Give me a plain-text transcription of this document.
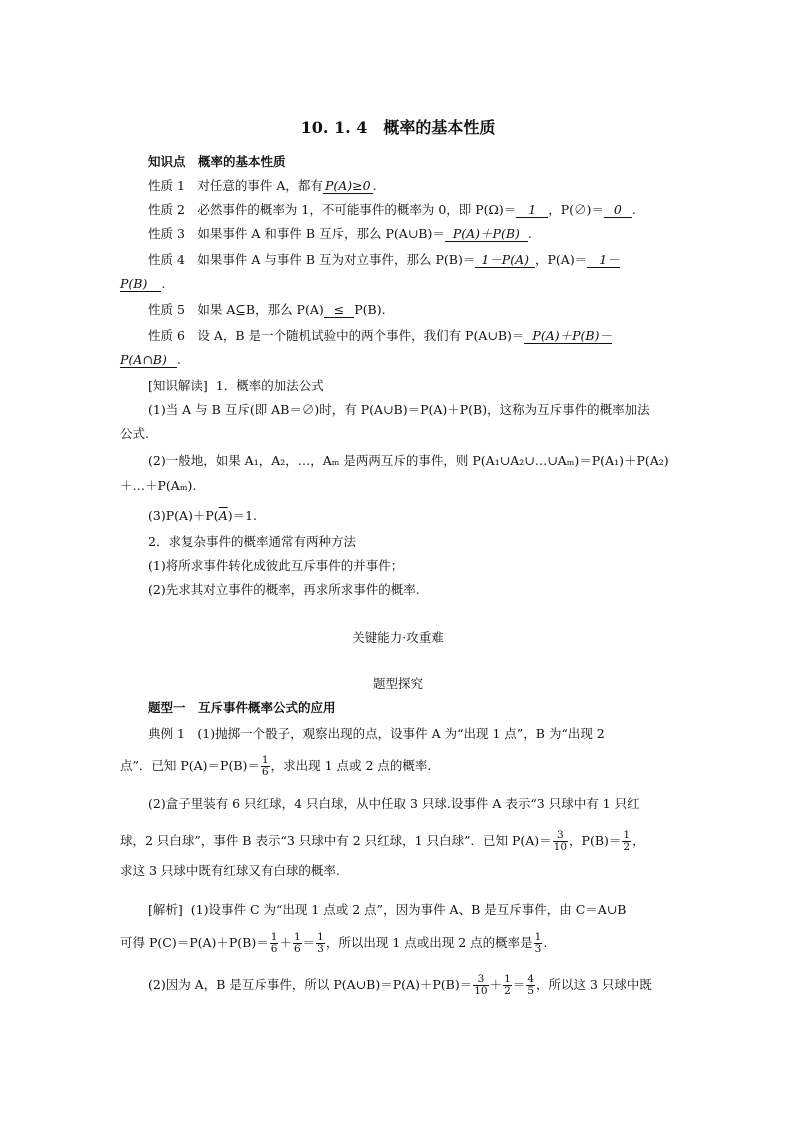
10. 1. 4　概率的基本性质
知识点　概率的基本性质
性质 1　对任意的事件 A，都有 P(A)≥0 .
性质 2　必然事件的概率为 1，不可能事件的概率为 0，即 P(Ω)＝ 1 ，P(∅)＝ 0 .
性质 3　如果事件 A 和事件 B 互斥，那么 P(A∪B)＝ P(A)＋P(B) .
性质 4　如果事件 A 与事件 B 互为对立事件，那么 P(B)＝ 1－P(A) ，P(A)＝ 1－
P(B) .
性质 5　如果 A⊆B，那么 P(A) ≤ P(B).
性质 6　设 A，B 是一个随机试验中的两个事件，我们有 P(A∪B)＝ P(A)＋P(B)－
P(A∩B) .
[知识解读] 1．概率的加法公式
(1)当 A 与 B 互斥(即 AB＝∅)时，有 P(A∪B)＝P(A)＋P(B)，这称为互斥事件的概率加法
公式.
(2)一般地，如果 A₁，A₂，…，Aₘ 是两两互斥的事件，则 P(A₁∪A₂∪…∪Aₘ)＝P(A₁)＋P(A₂)
＋…＋P(Aₘ).
$(3)P(A)+P(\overline{A})=1$.
2．求复杂事件的概率通常有两种方法
(1)将所求事件转化成彼此互斥事件的并事件；
(2)先求其对立事件的概率，再求所求事件的概率.
关键能力·攻重难
题型探究
题型一　互斥事件概率公式的应用
典例 1　(1)抛掷一个骰子，观察出现的点，设事件 A 为“出现 1 点”，B 为“出现 2
点”．已知 $P(A)=P(B)= \frac{1}{6}$ ，求出现 1 点或 2 点的概率.
(2)盒子里装有 6 只红球，4 只白球，从中任取 3 只球.设事件 A 表示“3 只球中有 1 只红
球，2 只白球”，事件 B 表示“3 只球中有 2 只红球，1 只白球”．已知 $P(A)= \frac{3}{10}$ ，$P(B)= \frac{1}{2}$ ，
求这 3 只球中既有红球又有白球的概率.
[解析] (1)设事件 C 为“出现 1 点或 2 点”，因为事件 A、B 是互斥事件，由 C＝A∪B
可得 $P(C)=P(A)+P(B)= \frac{1}{6} + \frac{1}{6} = \frac{1}{3}$ ，所以出现 1 点或出现 2 点的概率是 $\frac{1}{3}$ .
(2)因为 A，B 是互斥事件，所以 P(A∪B)＝P(A)＋P(B)＝ $\frac{3}{10} + \frac{1}{2} = \frac{4}{5}$ ，所以这 3 只球中既
